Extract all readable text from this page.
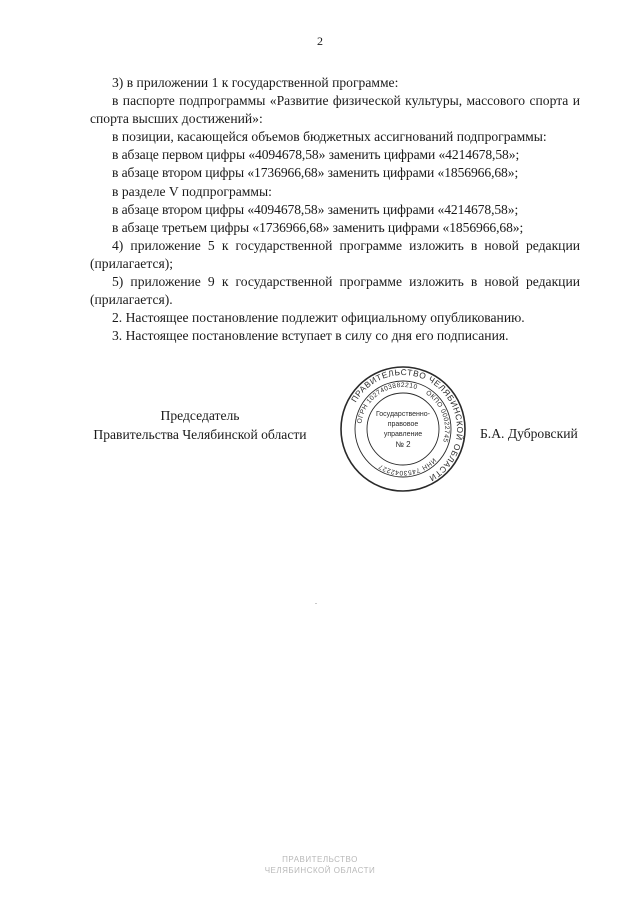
2

3) в приложении 1 к государственной программе:

в паспорте подпрограммы «Развитие физической культуры, массового спорта и спорта высших достижений»:

в позиции, касающейся объемов бюджетных ассигнований подпрограммы:

в абзаце первом цифры «4094678,58» заменить цифрами «4214678,58»;

в абзаце втором цифры «1736966,68» заменить цифрами «1856966,68»;

в разделе V подпрограммы:

в абзаце втором цифры «4094678,58» заменить цифрами «4214678,58»;

в абзаце третьем цифры «1736966,68» заменить цифрами «1856966,68»;

4) приложение 5 к государственной программе изложить в новой редакции (прилагается);

5) приложение 9 к государственной программе изложить в новой редакции (прилагается).

2. Настоящее постановление подлежит официальному опубликованию.

3. Настоящее постановление вступает в силу со дня его подписания.

Председатель
Правительства Челябинской области
ПРАВИТЕЛЬСТВО ЧЕЛЯБИНСКОЙ ОБЛАСТИ
ОГРН 1027403882210
ОКПО 00022745
ИНН 7453042227
Государственно-
правовое
управление
№ 2
Б.А. Дубровский
ПРАВИТЕЛЬСТВО
ЧЕЛЯБИНСКОЙ ОБЛАСТИ
